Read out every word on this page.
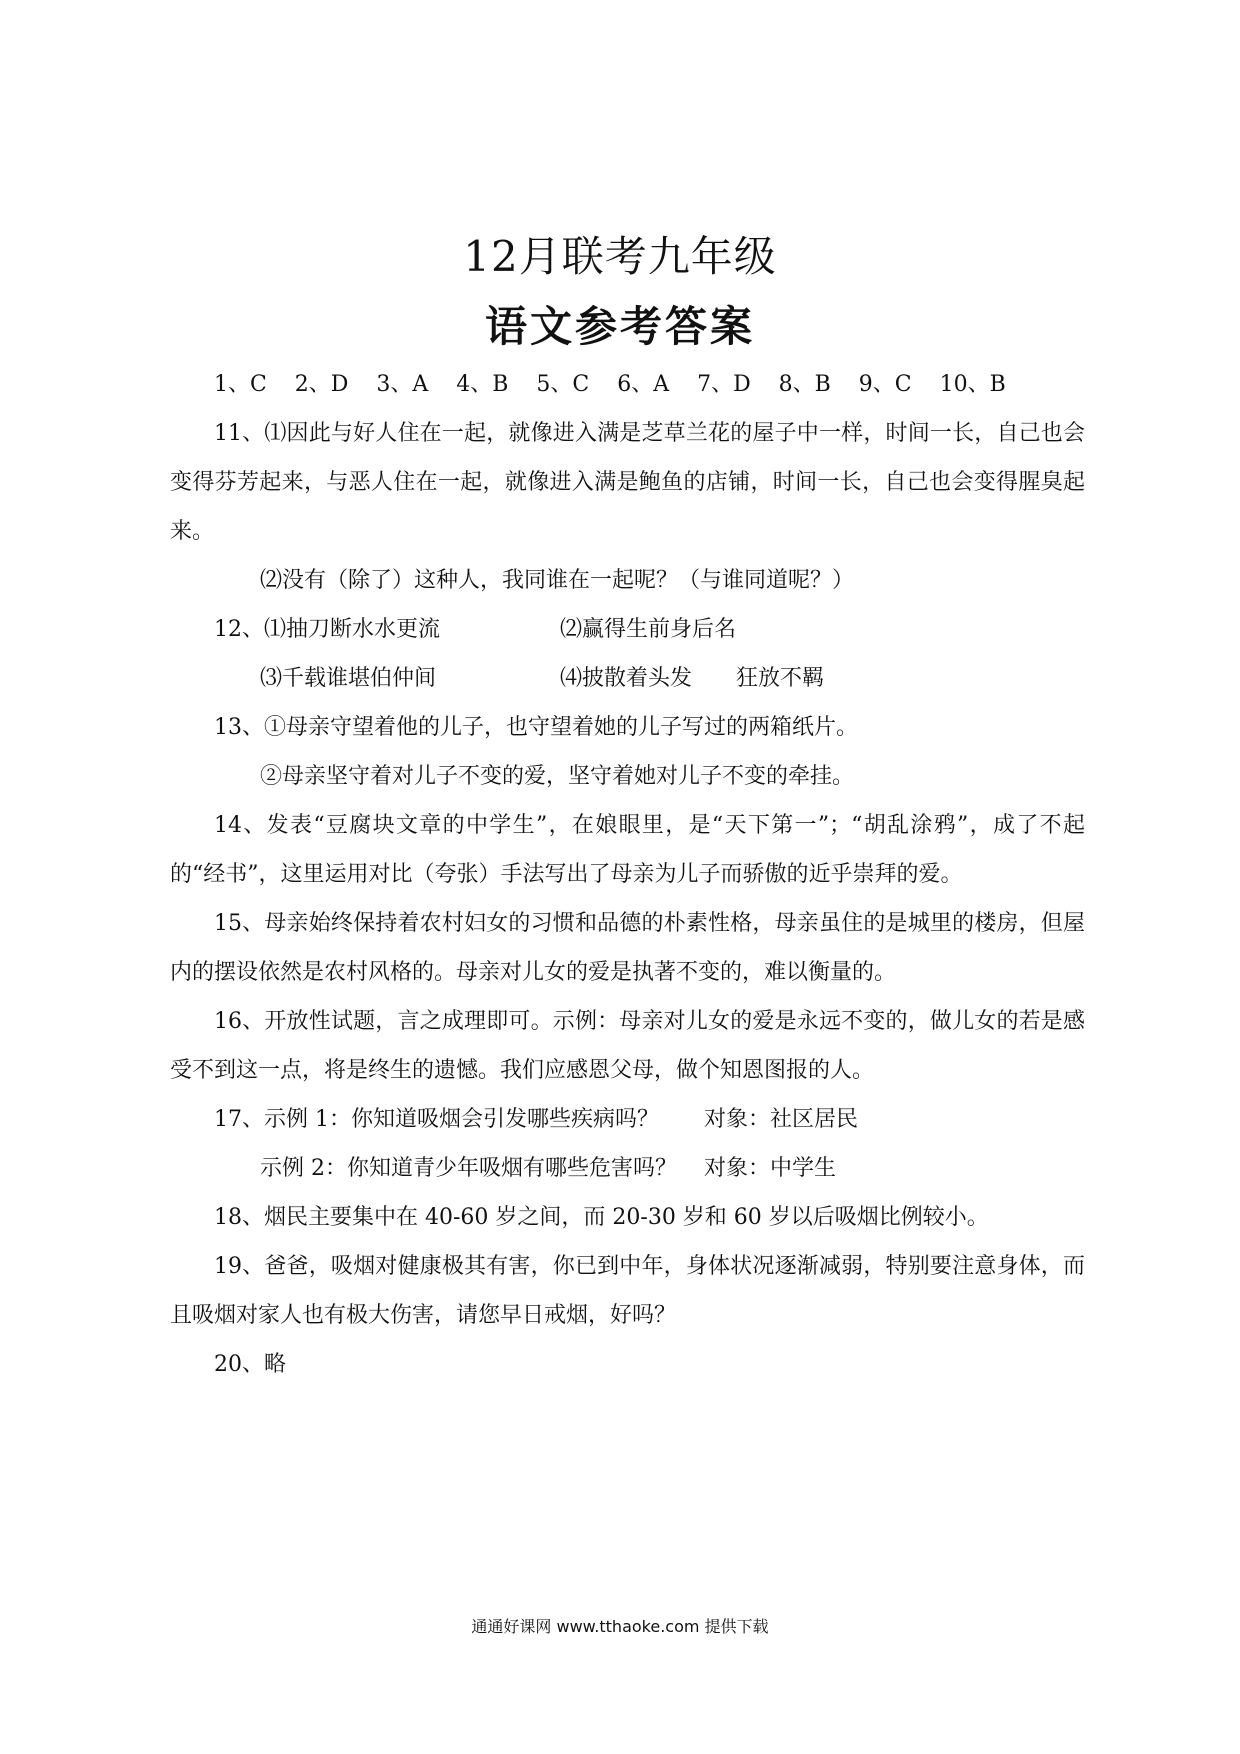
12月联考九年级
语文参考答案

1、C    2、D    3、A    4、B    5、C    6、A    7、D    8、B    9、C    10、B

11、⑴因此与好人住在一起，就像进入满是芝草兰花的屋子中一样，时间一长，自己也会变得芬芳起来，与恶人住在一起，就像进入满是鲍鱼的店铺，时间一长，自己也会变得腥臭起来。

⑵没有（除了）这种人，我同谁在一起呢？（与谁同道呢？）

12、⑴抽刀断水水更流	⑵赢得生前身后名
⑶千载谁堪伯仲间	⑷披散着头发　　狂放不羁

13、①母亲守望着他的儿子，也守望着她的儿子写过的两箱纸片。

②母亲坚守着对儿子不变的爱，坚守着她对儿子不变的牵挂。

14、发表“豆腐块文章的中学生”，在娘眼里，是“天下第一”；“胡乱涂鸦”，成了不起的“经书”，这里运用对比（夸张）手法写出了母亲为儿子而骄傲的近乎崇拜的爱。

15、母亲始终保持着农村妇女的习惯和品德的朴素性格，母亲虽住的是城里的楼房，但屋内的摆设依然是农村风格的。母亲对儿女的爱是执著不变的，难以衡量的。

16、开放性试题，言之成理即可。示例：母亲对儿女的爱是永远不变的，做儿女的若是感受不到这一点，将是终生的遗憾。我们应感恩父母，做个知恩图报的人。

17、示例 1：你知道吸烟会引发哪些疾病吗？	对象：社区居民
示例 2：你知道青少年吸烟有哪些危害吗？	对象：中学生

18、烟民主要集中在 40-60 岁之间，而 20-30 岁和 60 岁以后吸烟比例较小。

19、爸爸，吸烟对健康极其有害，你已到中年，身体状况逐渐减弱，特别要注意身体，而且吸烟对家人也有极大伤害，请您早日戒烟，好吗？

20、略

通通好课网 www.tthaoke.com 提供下载
